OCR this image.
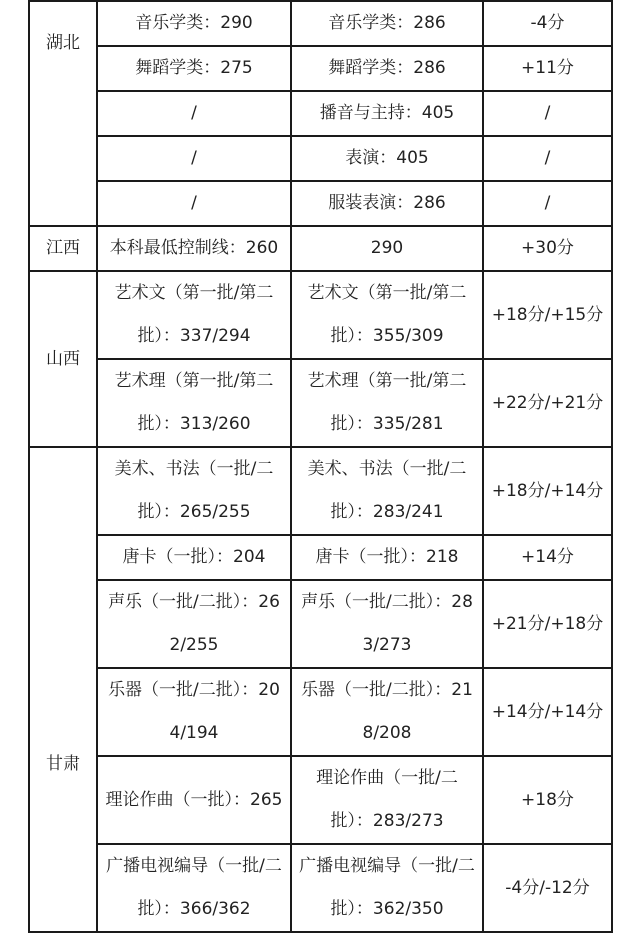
湖北	音乐学类：290	音乐学类：286	-4分
	舞蹈学类：275	舞蹈学类：286	+11分
	/	播音与主持：405	/
	/	表演：405	/
	/	服装表演：286	/
江西	本科最低控制线：260	290	+30分
山西	艺术文（第一批/第二批）：337/294	艺术文（第一批/第二批）：355/309	+18分/+15分
	艺术理（第一批/第二批）：313/260	艺术理（第一批/第二批）：335/281	+22分/+21分
甘肃	美术、书法（一批/二批）：265/255	美术、书法（一批/二批）：283/241	+18分/+14分
	唐卡（一批）：204	唐卡（一批）：218	+14分
	声乐（一批/二批）：262/255	声乐（一批/二批）：283/273	+21分/+18分
	乐器（一批/二批）：204/194	乐器（一批/二批）：218/208	+14分/+14分
	理论作曲（一批）：265	理论作曲（一批/二批）：283/273	+18分
	广播电视编导（一批/二批）：366/362	广播电视编导（一批/二批）：362/350	-4分/-12分
